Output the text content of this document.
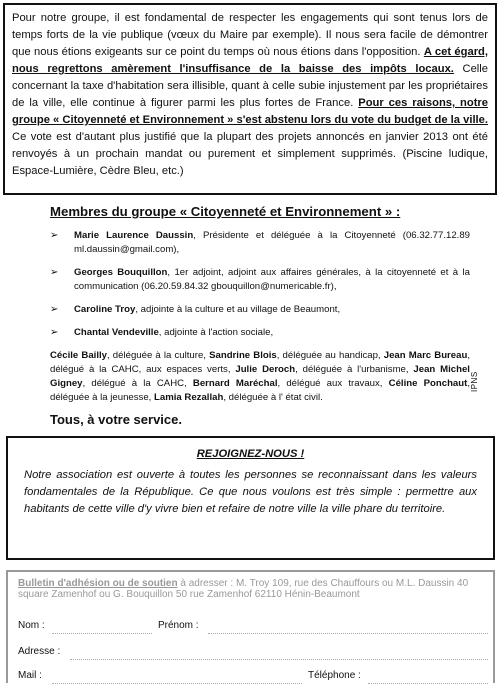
Pour notre groupe, il est fondamental de respecter les engagements qui sont tenus lors de temps forts de la vie publique (vœux du Maire par exemple). Il nous sera facile de démontrer que nous étions exigeants sur ce point du temps où nous étions dans l'opposition. A cet égard, nous regrettons amèrement l'insuffisance de la baisse des impôts locaux. Celle concernant la taxe d'habitation sera illisible, quant à celle subie injustement par les propriétaires de la ville, elle continue à figurer parmi les plus fortes de France. Pour ces raisons, notre groupe « Citoyenneté et Environnement » s'est abstenu lors du vote du budget de la ville. Ce vote est d'autant plus justifié que la plupart des projets annoncés en janvier 2013 ont été renvoyés à un prochain mandat ou purement et simplement supprimés. (Piscine ludique, Espace-Lumière, Cèdre Bleu, etc.)
Membres du groupe « Citoyenneté et Environnement » :
➢	Marie Laurence Daussin, Présidente et déléguée à la Citoyenneté (06.32.77.12.89 ml.daussin@gmail.com),
➢	Georges Bouquillon, 1er adjoint, adjoint aux affaires générales, à la citoyenneté et à la communication (06.20.59.84.32 gbouquillon@numericable.fr),
➢	Caroline Troy, adjointe à la culture et au village de Beaumont,
➢	Chantal Vendeville, adjointe à l'action sociale,
Cécile Bailly, déléguée à la culture, Sandrine Blois, déléguée au handicap, Jean Marc Bureau, délégué à la CAHC, aux espaces verts, Julie Deroch, déléguée à l'urbanisme, Jean Michel Gigney, délégué à la CAHC, Bernard Maréchal, délégué aux travaux, Céline Ponchaut, déléguée à la jeunesse, Lamia Rezallah, déléguée à l' état civil.
Tous, à votre service.
IPNS
REJOIGNEZ-NOUS !
Notre association est ouverte à toutes les personnes se reconnaissant dans les valeurs fondamentales de la République. Ce que nous voulons est très simple : permettre aux habitants de cette ville d'y vivre bien et refaire de notre ville la ville phare du territoire.
Bulletin d'adhésion ou de soutien à adresser : M. Troy 109, rue des Chauffours ou M.L. Daussin 40 square Zamenhof ou G. Bouquillon 50 rue Zamenhof 62110 Hénin-Beaumont
Nom :	Prénom :
Adresse :
Mail :	Téléphone :
